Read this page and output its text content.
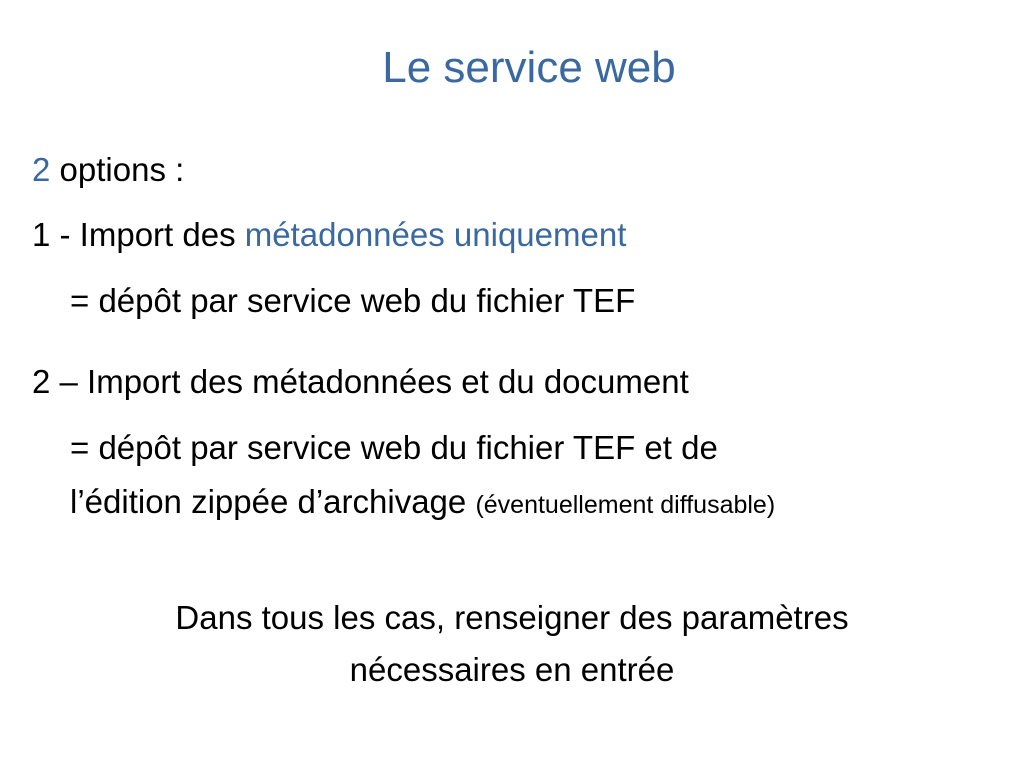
Le service web
2 options :
1 - Import des métadonnées uniquement
= dépôt par service web du fichier TEF
2 – Import des métadonnées et du document
= dépôt par service web du fichier TEF et de
l’édition zippée d’archivage (éventuellement diffusable)
Dans tous les cas, renseigner des paramètres
nécessaires en entrée
